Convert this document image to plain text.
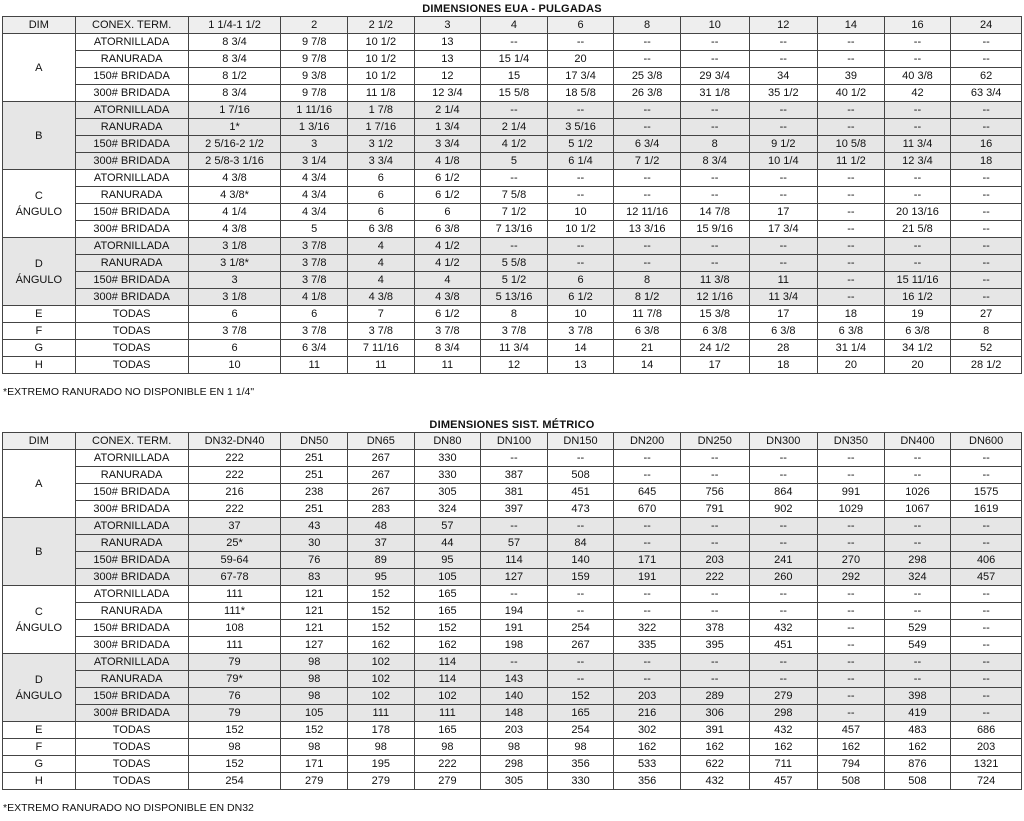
DIMENSIONES EUA - PULGADAS
DIM	CONEX. TERM.	1 1/4-1 1/2	2	2 1/2	3	4	6	8	10	12	14	16	24

A	ATORNILLADA	8 3/4	9 7/8	10 1/2	13	--	--	--	--	--	--	--	--
	RANURADA	8 3/4	9 7/8	10 1/2	13	15 1/4	20	--	--	--	--	--	--
	150# BRIDADA	8 1/2	9 3/8	10 1/2	12	15	17 3/4	25 3/8	29 3/4	34	39	40 3/8	62
	300# BRIDADA	8 3/4	9 7/8	11 1/8	12 3/4	15 5/8	18 5/8	26 3/8	31 1/8	35 1/2	40 1/2	42	63 3/4

B	ATORNILLADA	1 7/16	1 11/16	1 7/8	2 1/4	--	--	--	--	--	--	--	--
	RANURADA	1*	1 3/16	1 7/16	1 3/4	2 1/4	3 5/16	--	--	--	--	--	--
	150# BRIDADA	2 5/16-2 1/2	3	3 1/2	3 3/4	4 1/2	5 1/2	6 3/4	8	9 1/2	10 5/8	11 3/4	16
	300# BRIDADA	2 5/8-3 1/16	3 1/4	3 3/4	4 1/8	5	6 1/4	7 1/2	8 3/4	10 1/4	11 1/2	12 3/4	18

C
ÁNGULO	ATORNILLADA	4 3/8	4 3/4	6	6 1/2	--	--	--	--	--	--	--	--
	RANURADA	4 3/8*	4 3/4	6	6 1/2	7 5/8	--	--	--	--	--	--	--
	150# BRIDADA	4 1/4	4 3/4	6	6	7 1/2	10	12 11/16	14 7/8	17	--	20 13/16	--
	300# BRIDADA	4 3/8	5	6 3/8	6 3/8	7 13/16	10 1/2	13 3/16	15 9/16	17 3/4	--	21 5/8	--

D
ÁNGULO	ATORNILLADA	3 1/8	3 7/8	4	4 1/2	--	--	--	--	--	--	--	--
	RANURADA	3 1/8*	3 7/8	4	4 1/2	5 5/8	--	--	--	--	--	--	--
	150# BRIDADA	3	3 7/8	4	4	5 1/2	6	8	11 3/8	11	--	15 11/16	--
	300# BRIDADA	3 1/8	4 1/8	4 3/8	4 3/8	5 13/16	6 1/2	8 1/2	12 1/16	11 3/4	--	16 1/2	--

E	TODAS	6	6	7	6 1/2	8	10	11 7/8	15 3/8	17	18	19	27

F	TODAS	3 7/8	3 7/8	3 7/8	3 7/8	3 7/8	3 7/8	6 3/8	6 3/8	6 3/8	6 3/8	6 3/8	8

G	TODAS	6	6 3/4	7 11/16	8 3/4	11 3/4	14	21	24 1/2	28	31 1/4	34 1/2	52

H	TODAS	10	11	11	11	12	13	14	17	18	20	20	28 1/2
*EXTREMO RANURADO NO DISPONIBLE EN 1 1/4"
DIMENSIONES SIST. MÉTRICO
DIM	CONEX. TERM.	DN32-DN40	DN50	DN65	DN80	DN100	DN150	DN200	DN250	DN300	DN350	DN400	DN600

A	ATORNILLADA	222	251	267	330	--	--	--	--	--	--	--	--
	RANURADA	222	251	267	330	387	508	--	--	--	--	--	--
	150# BRIDADA	216	238	267	305	381	451	645	756	864	991	1026	1575
	300# BRIDADA	222	251	283	324	397	473	670	791	902	1029	1067	1619

B	ATORNILLADA	37	43	48	57	--	--	--	--	--	--	--	--
	RANURADA	25*	30	37	44	57	84	--	--	--	--	--	--
	150# BRIDADA	59-64	76	89	95	114	140	171	203	241	270	298	406
	300# BRIDADA	67-78	83	95	105	127	159	191	222	260	292	324	457

C
ÁNGULO	ATORNILLADA	111	121	152	165	--	--	--	--	--	--	--	--
	RANURADA	111*	121	152	165	194	--	--	--	--	--	--	--
	150# BRIDADA	108	121	152	152	191	254	322	378	432	--	529	--
	300# BRIDADA	111	127	162	162	198	267	335	395	451	--	549	--

D
ÁNGULO	ATORNILLADA	79	98	102	114	--	--	--	--	--	--	--	--
	RANURADA	79*	98	102	114	143	--	--	--	--	--	--	--
	150# BRIDADA	76	98	102	102	140	152	203	289	279	--	398	--
	300# BRIDADA	79	105	111	111	148	165	216	306	298	--	419	--

E	TODAS	152	152	178	165	203	254	302	391	432	457	483	686

F	TODAS	98	98	98	98	98	98	162	162	162	162	162	203

G	TODAS	152	171	195	222	298	356	533	622	711	794	876	1321

H	TODAS	254	279	279	279	305	330	356	432	457	508	508	724
*EXTREMO RANURADO NO DISPONIBLE EN DN32
